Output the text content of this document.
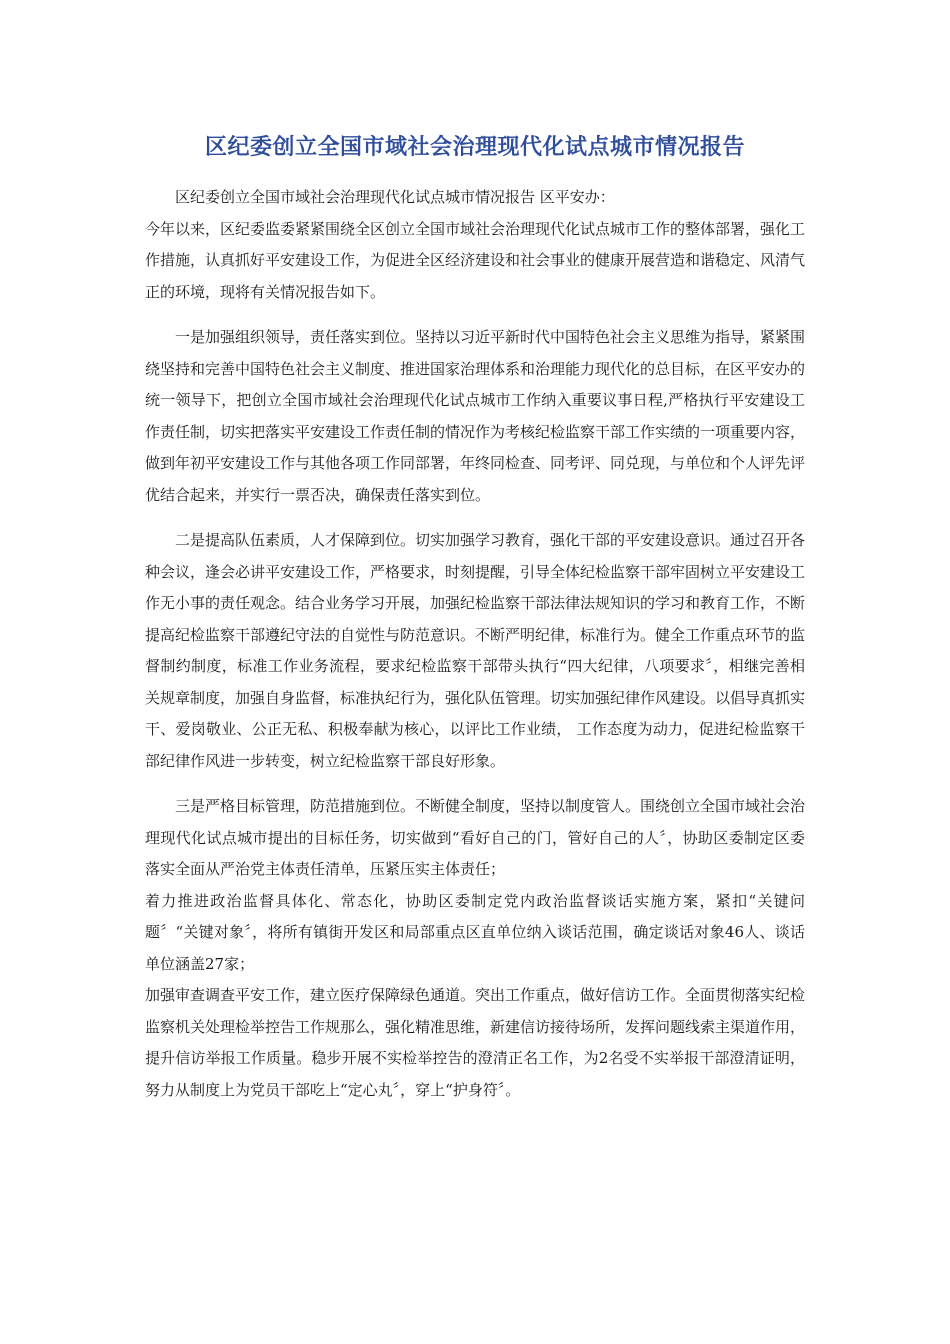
区纪委创立全国市域社会治理现代化试点城市情况报告

区纪委创立全国市域社会治理现代化试点城市情况报告 区平安办：

今年以来，区纪委监委紧紧围绕全区创立全国市域社会治理现代化试点城市工作的整体部署，强化工作措施，认真抓好平安建设工作，为促进全区经济建设和社会事业的健康开展营造和谐稳定、风清气正的环境，现将有关情况报告如下。

一是加强组织领导，责任落实到位。坚持以习近平新时代中国特色社会主义思维为指导，紧紧围绕坚持和完善中国特色社会主义制度、推进国家治理体系和治理能力现代化的总目标，在区平安办的统一领导下，把创立全国市域社会治理现代化试点城市工作纳入重要议事日程,严格执行平安建设工作责任制，切实把落实平安建设工作责任制的情况作为考核纪检监察干部工作实绩的一项重要内容，做到年初平安建设工作与其他各项工作同部署，年终同检查、同考评、同兑现，与单位和个人评先评优结合起来，并实行一票否决，确保责任落实到位。

二是提高队伍素质，人才保障到位。切实加强学习教育，强化干部的平安建设意识。通过召开各种会议，逢会必讲平安建设工作，严格要求，时刻提醒，引导全体纪检监察干部牢固树立平安建设工作无小事的责任观念。结合业务学习开展，加强纪检监察干部法律法规知识的学习和教育工作，不断提高纪检监察干部遵纪守法的自觉性与防范意识。不断严明纪律，标准行为。健全工作重点环节的监督制约制度，标准工作业务流程，要求纪检监察干部带头执行“四大纪律，八项要求〞，相继完善相关规章制度，加强自身监督，标准执纪行为，强化队伍管理。切实加强纪律作风建设。以倡导真抓实干、爱岗敬业、公正无私、积极奉献为核心，以评比工作业绩， 工作态度为动力，促进纪检监察干部纪律作风进一步转变，树立纪检监察干部良好形象。

三是严格目标管理，防范措施到位。不断健全制度，坚持以制度管人。围绕创立全国市域社会治理现代化试点城市提出的目标任务，切实做到“看好自己的门，管好自己的人〞，协助区委制定区委落实全面从严治党主体责任清单，压紧压实主体责任；

着力推进政治监督具体化、常态化，协助区委制定党内政治监督谈话实施方案，紧扣“关键问题〞“关键对象〞，将所有镇街开发区和局部重点区直单位纳入谈话范围，确定谈话对象46人、谈话单位涵盖27家；

加强审查调查平安工作，建立医疗保障绿色通道。突出工作重点，做好信访工作。全面贯彻落实纪检监察机关处理检举控告工作规那么，强化精准思维，新建信访接待场所，发挥问题线索主渠道作用，提升信访举报工作质量。稳步开展不实检举控告的澄清正名工作，为2名受不实举报干部澄清证明，努力从制度上为党员干部吃上“定心丸〞，穿上“护身符〞。
